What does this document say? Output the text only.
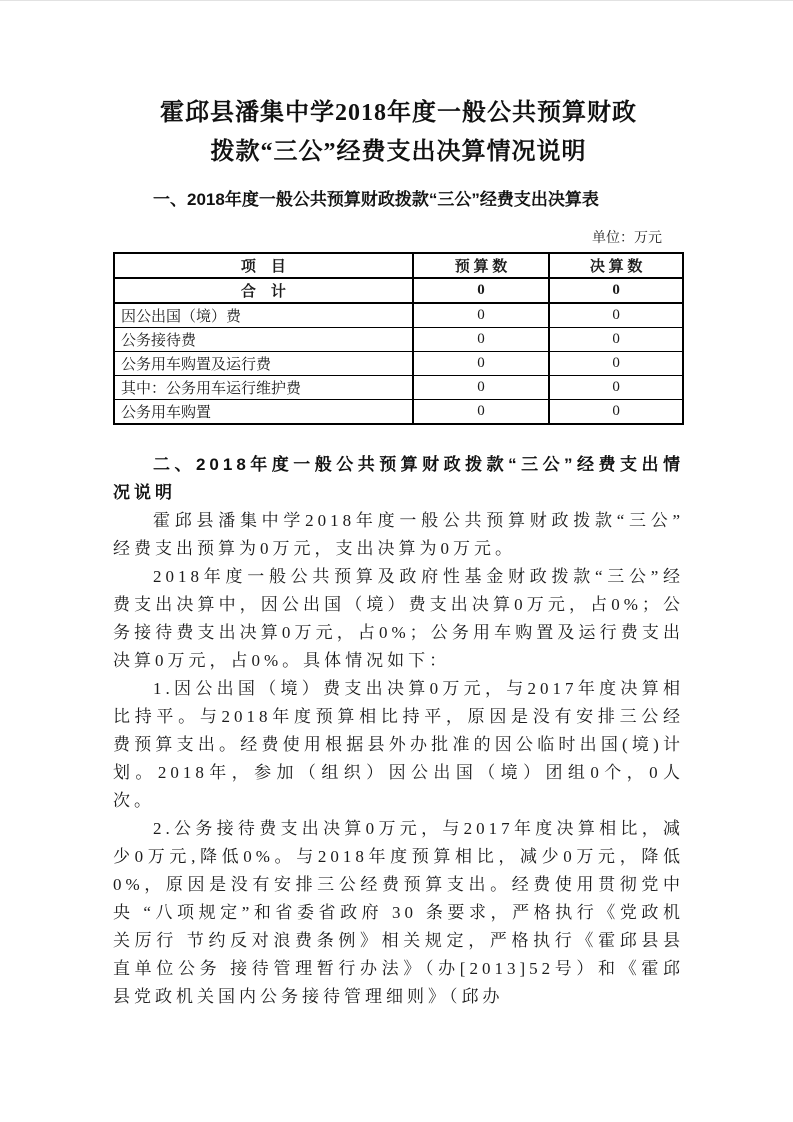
霍邱县潘集中学2018年度一般公共预算财政
拨款“三公”经费支出决算情况说明
一、2018年度一般公共预算财政拨款“三公”经费支出决算表
单位：万元
项　目	预 算 数	决 算 数
合　计	0	0
因公出国（境）费	0	0
公务接待费	0	0
公务用车购置及运行费	0	0
其中：公务用车运行维护费	0	0
公务用车购置	0	0
二、2018年度一般公共预算财政拨款“三公”经费支出情况说明

霍邱县潘集中学2018年度一般公共预算财政拨款“三公”经费支出预算为0万元，支出决算为0万元。

2018年度一般公共预算及政府性基金财政拨款“三公”经费支出决算中，因公出国（境）费支出决算0万元，占0%；公务接待费支出决算0万元，占0%；公务用车购置及运行费支出决算0万元，占0%。具体情况如下：

1.因公出国（境）费支出决算0万元，与2017年度决算相比持平。与2018年度预算相比持平，原因是没有安排三公经费预算支出。经费使用根据县外办批准的因公临时出国(境)计划。2018年，参加（组织）因公出国（境）团组0个，0人次。

2.公务接待费支出决算0万元，与2017年度决算相比，减少0万元,降低0%。与2018年度预算相比，减少0万元，降低0%，原因是没有安排三公经费预算支出。经费使用贯彻党中央 “八项规定”和省委省政府 30 条要求，严格执行《党政机关厉行 节约反对浪费条例》相关规定，严格执行《霍邱县县直单位公务 接待管理暂行办法》（办[2013]52号）和《霍邱县党政机关国内公务接待管理细则》（邱办
